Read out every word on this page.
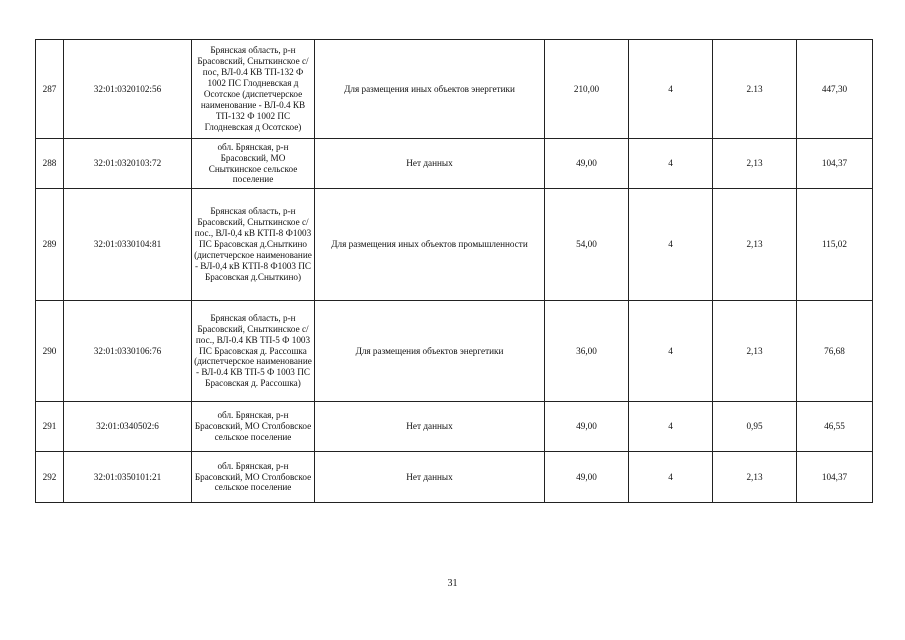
287	32:01:0320102:56	Брянская область, р-н Брасовский, Сныткинское с/пос, ВЛ-0.4 КВ ТП-132 Ф 1002 ПС Глодневская д Осотское (диспетчерское наименование - ВЛ-0.4 КВ ТП-132 Ф 1002 ПС Глодневская д Осотское)	Для размещения иных объектов энергетики	210,00	4	2.13	447,30
288	32:01:0320103:72	обл. Брянская, р-н Брасовский, МО Сныткинское сельское поселение	Нет данных	49,00	4	2,13	104,37
289	32:01:0330104:81	Брянская область, р-н Брасовский, Сныткинское с/пос., ВЛ-0,4 кВ КТП-8 Ф1003 ПС Брасовская д.Сныткино (диспетчерское наименование - ВЛ-0,4 кВ КТП-8 Ф1003 ПС Брасовская д.Сныткино)	Для размещения иных объектов промышленности	54,00	4	2,13	115,02
290	32:01:0330106:76	Брянская область, р-н Брасовский, Сныткинское с/пос., ВЛ-0.4 КВ ТП-5 Ф 1003 ПС Брасовская д. Рассошка (диспетчерское наименование - ВЛ-0.4 КВ ТП-5 Ф 1003 ПС Брасовская д. Рассошка)	Для размещения объектов энергетики	36,00	4	2,13	76,68
291	32:01:0340502:6	обл. Брянская, р-н Брасовский, МО Столбовское сельское поселение	Нет данных	49,00	4	0,95	46,55
292	32:01:0350101:21	обл. Брянская, р-н Брасовский, МО Столбовское сельское поселение	Нет данных	49,00	4	2,13	104,37
31
